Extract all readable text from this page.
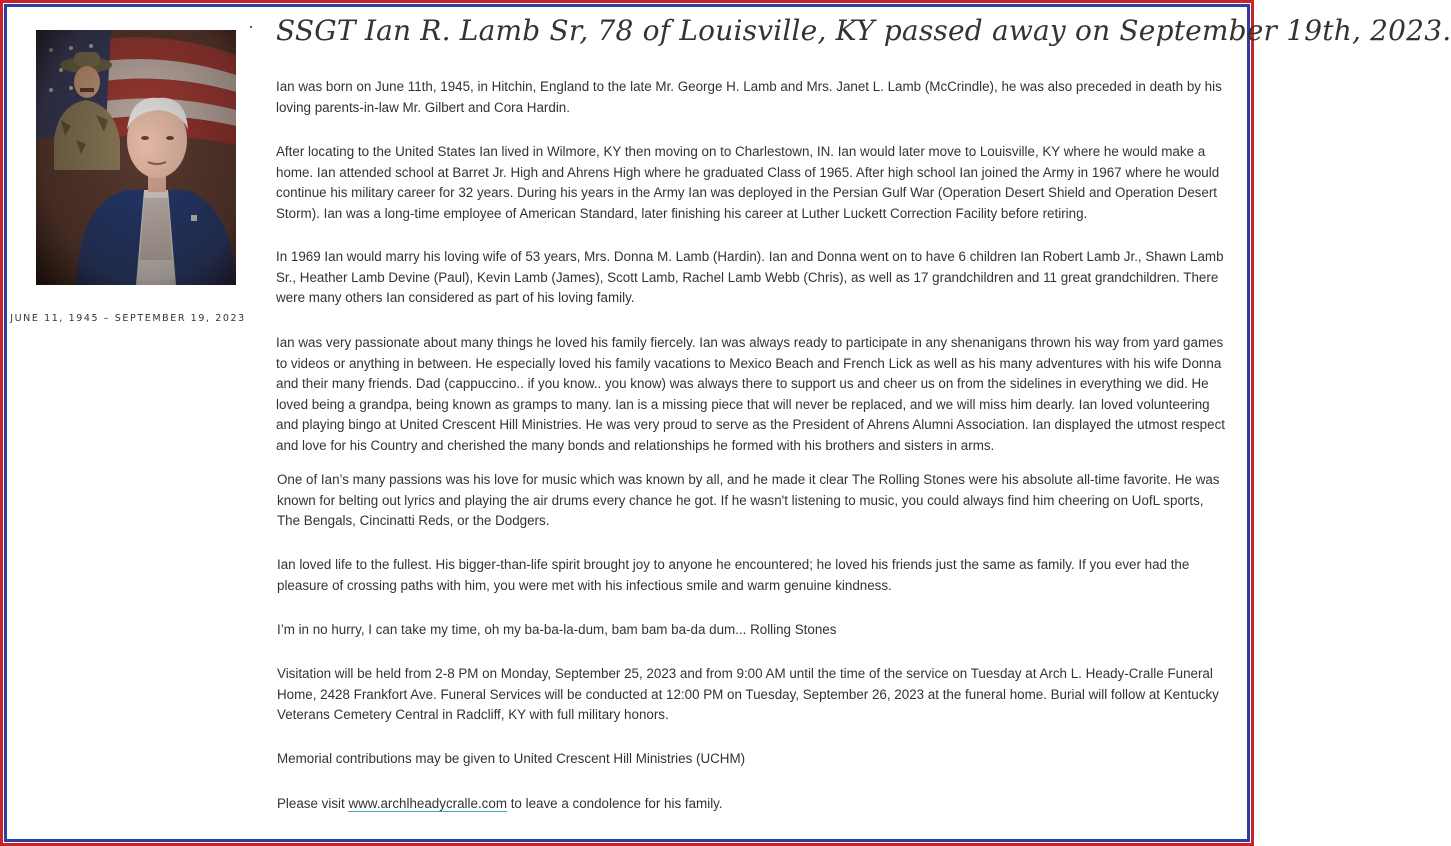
JUNE 11, 1945 – SEPTEMBER 19, 2023
SSGT Ian R. Lamb Sr, 78 of Louisville, KY passed away on September 19th, 2023.

Ian was born on June 11th, 1945, in Hitchin, England to the late Mr. George H. Lamb and Mrs. Janet L. Lamb (McCrindle), he was also preceded in death by his loving parents-in-law Mr. Gilbert and Cora Hardin.

After locating to the United States Ian lived in Wilmore, KY then moving on to Charlestown, IN. Ian would later move to Louisville, KY where he would make a home. Ian attended school at Barret Jr. High and Ahrens High where he graduated Class of 1965. After high school Ian joined the Army in 1967 where he would continue his military career for 32 years. During his years in the Army Ian was deployed in the Persian Gulf War (Operation Desert Shield and Operation Desert Storm). Ian was a long-time employee of American Standard, later finishing his career at Luther Luckett Correction Facility before retiring.

In 1969 Ian would marry his loving wife of 53 years, Mrs. Donna M. Lamb (Hardin). Ian and Donna went on to have 6 children Ian Robert Lamb Jr., Shawn Lamb Sr., Heather Lamb Devine (Paul), Kevin Lamb (James), Scott Lamb, Rachel Lamb Webb (Chris), as well as 17 grandchildren and 11 great grandchildren. There were many others Ian considered as part of his loving family.

Ian was very passionate about many things he loved his family fiercely. Ian was always ready to participate in any shenanigans thrown his way from yard games to videos or anything in between. He especially loved his family vacations to Mexico Beach and French Lick as well as his many adventures with his wife Donna and their many friends. Dad (cappuccino.. if you know.. you know) was always there to support us and cheer us on from the sidelines in everything we did. He loved being a grandpa, being known as gramps to many. Ian is a missing piece that will never be replaced, and we will miss him dearly. Ian loved volunteering and playing bingo at United Crescent Hill Ministries. He was very proud to serve as the President of Ahrens Alumni Association. Ian displayed the utmost respect and love for his Country and cherished the many bonds and relationships he formed with his brothers and sisters in arms.

One of Ian’s many passions was his love for music which was known by all, and he made it clear The Rolling Stones were his absolute all-time favorite. He was known for belting out lyrics and playing the air drums every chance he got. If he wasn't listening to music, you could always find him cheering on UofL sports, The Bengals, Cincinatti Reds, or the Dodgers.

Ian loved life to the fullest. His bigger-than-life spirit brought joy to anyone he encountered; he loved his friends just the same as family. If you ever had the pleasure of crossing paths with him, you were met with his infectious smile and warm genuine kindness.

I’m in no hurry, I can take my time, oh my ba-ba-la-dum, bam bam ba-da dum... Rolling Stones

Visitation will be held from 2-8 PM on Monday, September 25, 2023 and from 9:00 AM until the time of the service on Tuesday at Arch L. Heady-Cralle Funeral Home, 2428 Frankfort Ave. Funeral Services will be conducted at 12:00 PM on Tuesday, September 26, 2023 at the funeral home. Burial will follow at Kentucky Veterans Cemetery Central in Radcliff, KY with full military honors.

Memorial contributions may be given to United Crescent Hill Ministries (UCHM)

Please visit www.archlheadycralle.com to leave a condolence for his family.
